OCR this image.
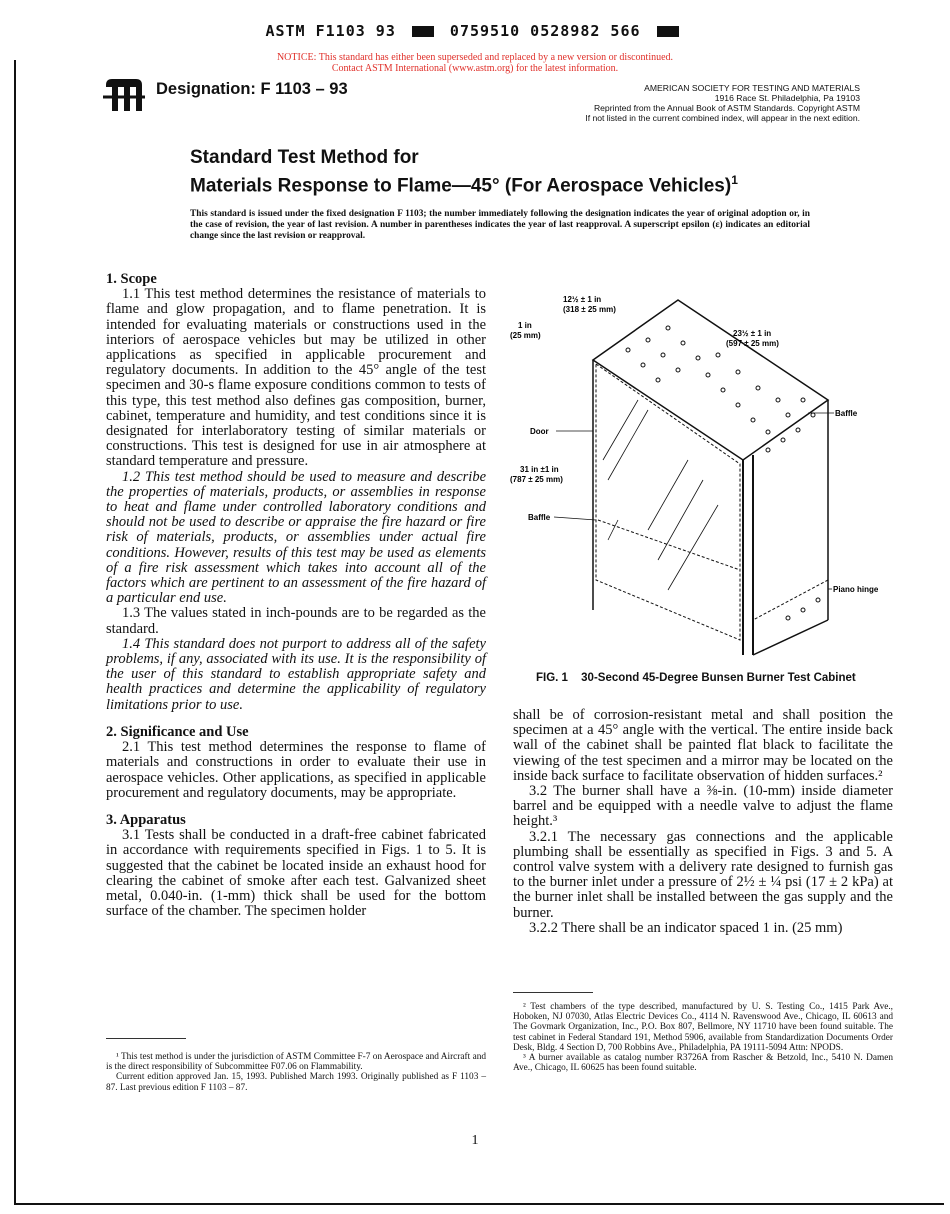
ASTM F1103 93	0759510 0528982 566
NOTICE: This standard has either been superseded and replaced by a new version or discontinued.
Contact ASTM International (www.astm.org) for the latest information.
Designation: F 1103 – 93	AMERICAN SOCIETY FOR TESTING AND MATERIALS
1916 Race St. Philadelphia, Pa 19103
Reprinted from the Annual Book of ASTM Standards. Copyright ASTM
If not listed in the current combined index, will appear in the next edition.
Standard Test Method for
Materials Response to Flame—45° (For Aerospace Vehicles)$^1$
This standard is issued under the fixed designation F 1103; the number immediately following the designation indicates the year of original adoption or, in the case of revision, the year of last revision. A number in parentheses indicates the year of last reapproval. A superscript epsilon (ε) indicates an editorial change since the last revision or reapproval.
1. Scope

1.1 This test method determines the resistance of materials to flame and glow propagation, and to flame penetration. It is intended for evaluating materials or constructions used in the interiors of aerospace vehicles but may be utilized in other applications as specified in applicable procurement and regulatory documents. In addition to the 45° angle of the test specimen and 30-s flame exposure conditions common to tests of this type, this test method also defines gas composition, burner, cabinet, temperature and humidity, and test conditions since it is designated for interlaboratory testing of similar materials or constructions. This test is designed for use in air atmosphere at standard temperature and pressure.

1.2 This test method should be used to measure and describe the properties of materials, products, or assemblies in response to heat and flame under controlled laboratory conditions and should not be used to describe or appraise the fire hazard or fire risk of materials, products, or assemblies under actual fire conditions. However, results of this test may be used as elements of a fire risk assessment which takes into account all of the factors which are pertinent to an assessment of the fire hazard of a particular end use.

1.3 The values stated in inch-pounds are to be regarded as the standard.

1.4 This standard does not purport to address all of the safety problems, if any, associated with its use. It is the responsibility of the user of this standard to establish appropriate safety and health practices and determine the applicability of regulatory limitations prior to use.

2. Significance and Use

2.1 This test method determines the response to flame of materials and constructions in order to evaluate their use in aerospace vehicles. Other applications, as specified in applicable procurement and regulatory documents, may be appropriate.

3. Apparatus

3.1 Tests shall be conducted in a draft-free cabinet fabricated in accordance with requirements specified in Figs. 1 to 5. It is suggested that the cabinet be located inside an exhaust hood for clearing the cabinet of smoke after each test. Galvanized sheet metal, 0.040-in. (1-mm) thick shall be used for the bottom surface of the chamber. The specimen holder

¹ This test method is under the jurisdiction of ASTM Committee F-7 on Aerospace and Aircraft and is the direct responsibility of Subcommittee F07.06 on Flammability.

Current edition approved Jan. 15, 1993. Published March 1993. Originally published as F 1103 – 87. Last previous edition F 1103 – 87.

12½ ± 1 in
(318 ± 25 mm)
1 in
(25 mm)	23½ ± 1 in
(597 ± 25 mm)
Door
31 in ±1 in
(787 ± 25 mm)
Baffle
Baffle
Piano hinge
FIG. 1 30-Second 45-Degree Bunsen Burner Test Cabinet

shall be of corrosion-resistant metal and shall position the specimen at a 45° angle with the vertical. The entire inside back wall of the cabinet shall be painted flat black to facilitate the viewing of the test specimen and a mirror may be located on the inside back surface to facilitate observation of hidden surfaces.²

3.2 The burner shall have a ⅜-in. (10-mm) inside diameter barrel and be equipped with a needle valve to adjust the flame height.³

3.2.1 The necessary gas connections and the applicable plumbing shall be essentially as specified in Figs. 3 and 5. A control valve system with a delivery rate designed to furnish gas to the burner inlet under a pressure of 2½ ± ¼ psi (17 ± 2 kPa) at the burner inlet shall be installed between the gas supply and the burner.

3.2.2 There shall be an indicator spaced 1 in. (25 mm)

² Test chambers of the type described, manufactured by U. S. Testing Co., 1415 Park Ave., Hoboken, NJ 07030, Atlas Electric Devices Co., 4114 N. Ravenswood Ave., Chicago, IL 60613 and The Govmark Organization, Inc., P.O. Box 807, Bellmore, NY 11710 have been found suitable. The test cabinet in Federal Standard 191, Method 5906, available from Standardization Documents Order Desk, Bldg. 4 Section D, 700 Robbins Ave., Philadelphia, PA 19111-5094 Attn: NPODS.

³ A burner available as catalog number R3726A from Rascher & Betzold, Inc., 5410 N. Damen Ave., Chicago, IL 60625 has been found suitable.

1
